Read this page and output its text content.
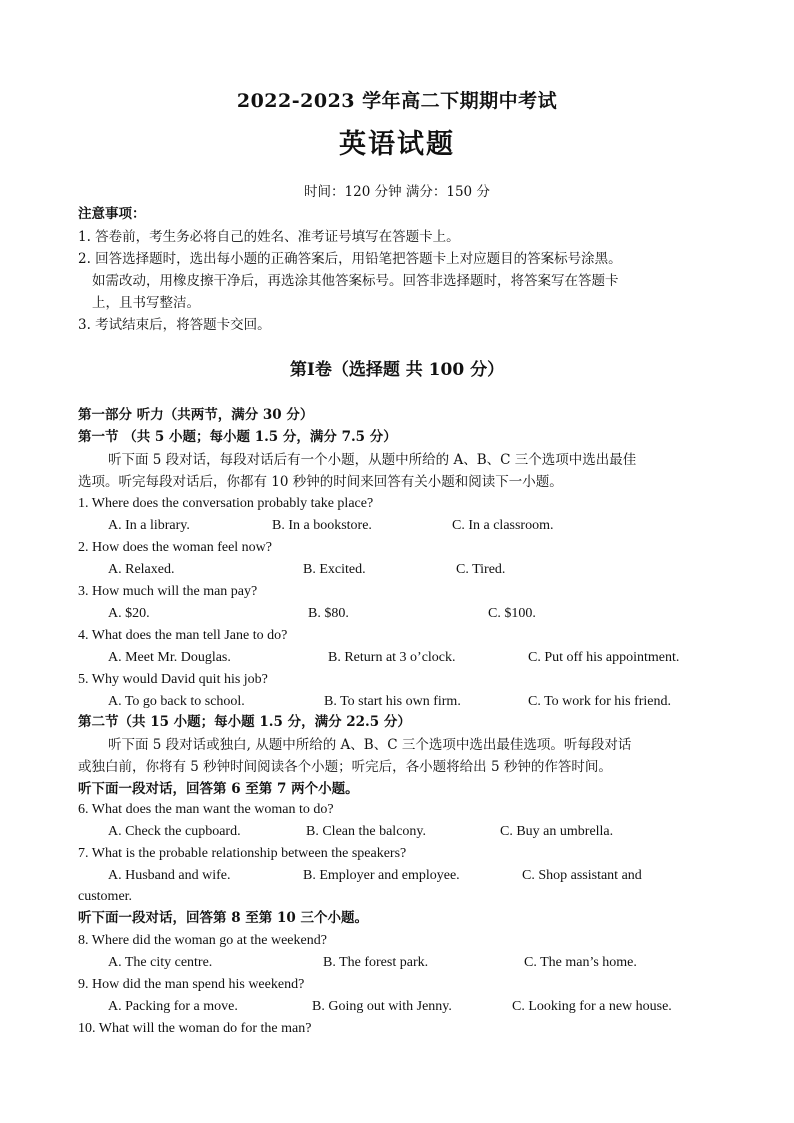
2022-2023 学年高二下期期中考试
英语试题
时间：120 分钟 满分：150 分
注意事项：
1. 答卷前，考生务必将自己的姓名、准考证号填写在答题卡上。
2. 回答选择题时，选出每小题的正确答案后，用铅笔把答题卡上对应题目的答案标号涂黑。
如需改动，用橡皮擦干净后，再选涂其他答案标号。回答非选择题时，将答案写在答题卡
上，且书写整洁。
3. 考试结束后，将答题卡交回。
第Ⅰ卷（选择题 共 100 分）
第一部分 听力（共两节，满分 30 分）
第一节 （共 5 小题；每小题 1.5 分，满分 7.5 分）
听下面 5 段对话，每段对话后有一个小题，从题中所给的 A、B、C 三个选项中选出最佳
选项。听完每段对话后，你都有 10 秒钟的时间来回答有关小题和阅读下一小题。
1. Where does the conversation probably take place?
A. In a library.	B. In a bookstore.	C. In a classroom.
2. How does the woman feel now?
A. Relaxed.	B. Excited.	C. Tired.
3. How much will the man pay?
A. $20.	B. $80.	C. $100.
4. What does the man tell Jane to do?
A. Meet Mr. Douglas.	B. Return at 3 o’clock.	C. Put off his appointment.
5. Why would David quit his job?
A. To go back to school.	B. To start his own firm.	C. To work for his friend.
第二节（共 15 小题；每小题 1.5 分，满分 22.5 分）
听下面 5 段对话或独白, 从题中所给的 A、B、C 三个选项中选出最佳选项。听每段对话
或独白前，你将有 5 秒钟时间阅读各个小题；听完后，各小题将给出 5 秒钟的作答时间。
听下面一段对话，回答第 6 至第 7 两个小题。
6. What does the man want the woman to do?
A. Check the cupboard.	B. Clean the balcony.	C. Buy an umbrella.
7. What is the probable relationship between the speakers?
A. Husband and wife.	B. Employer and employee.	C. Shop assistant and
customer.
听下面一段对话，回答第 8 至第 10 三个小题。
8. Where did the woman go at the weekend?
A. The city centre.	B. The forest park.	C. The man’s home.
9. How did the man spend his weekend?
A. Packing for a move.	B. Going out with Jenny.	C. Looking for a new house.
10. What will the woman do for the man?
